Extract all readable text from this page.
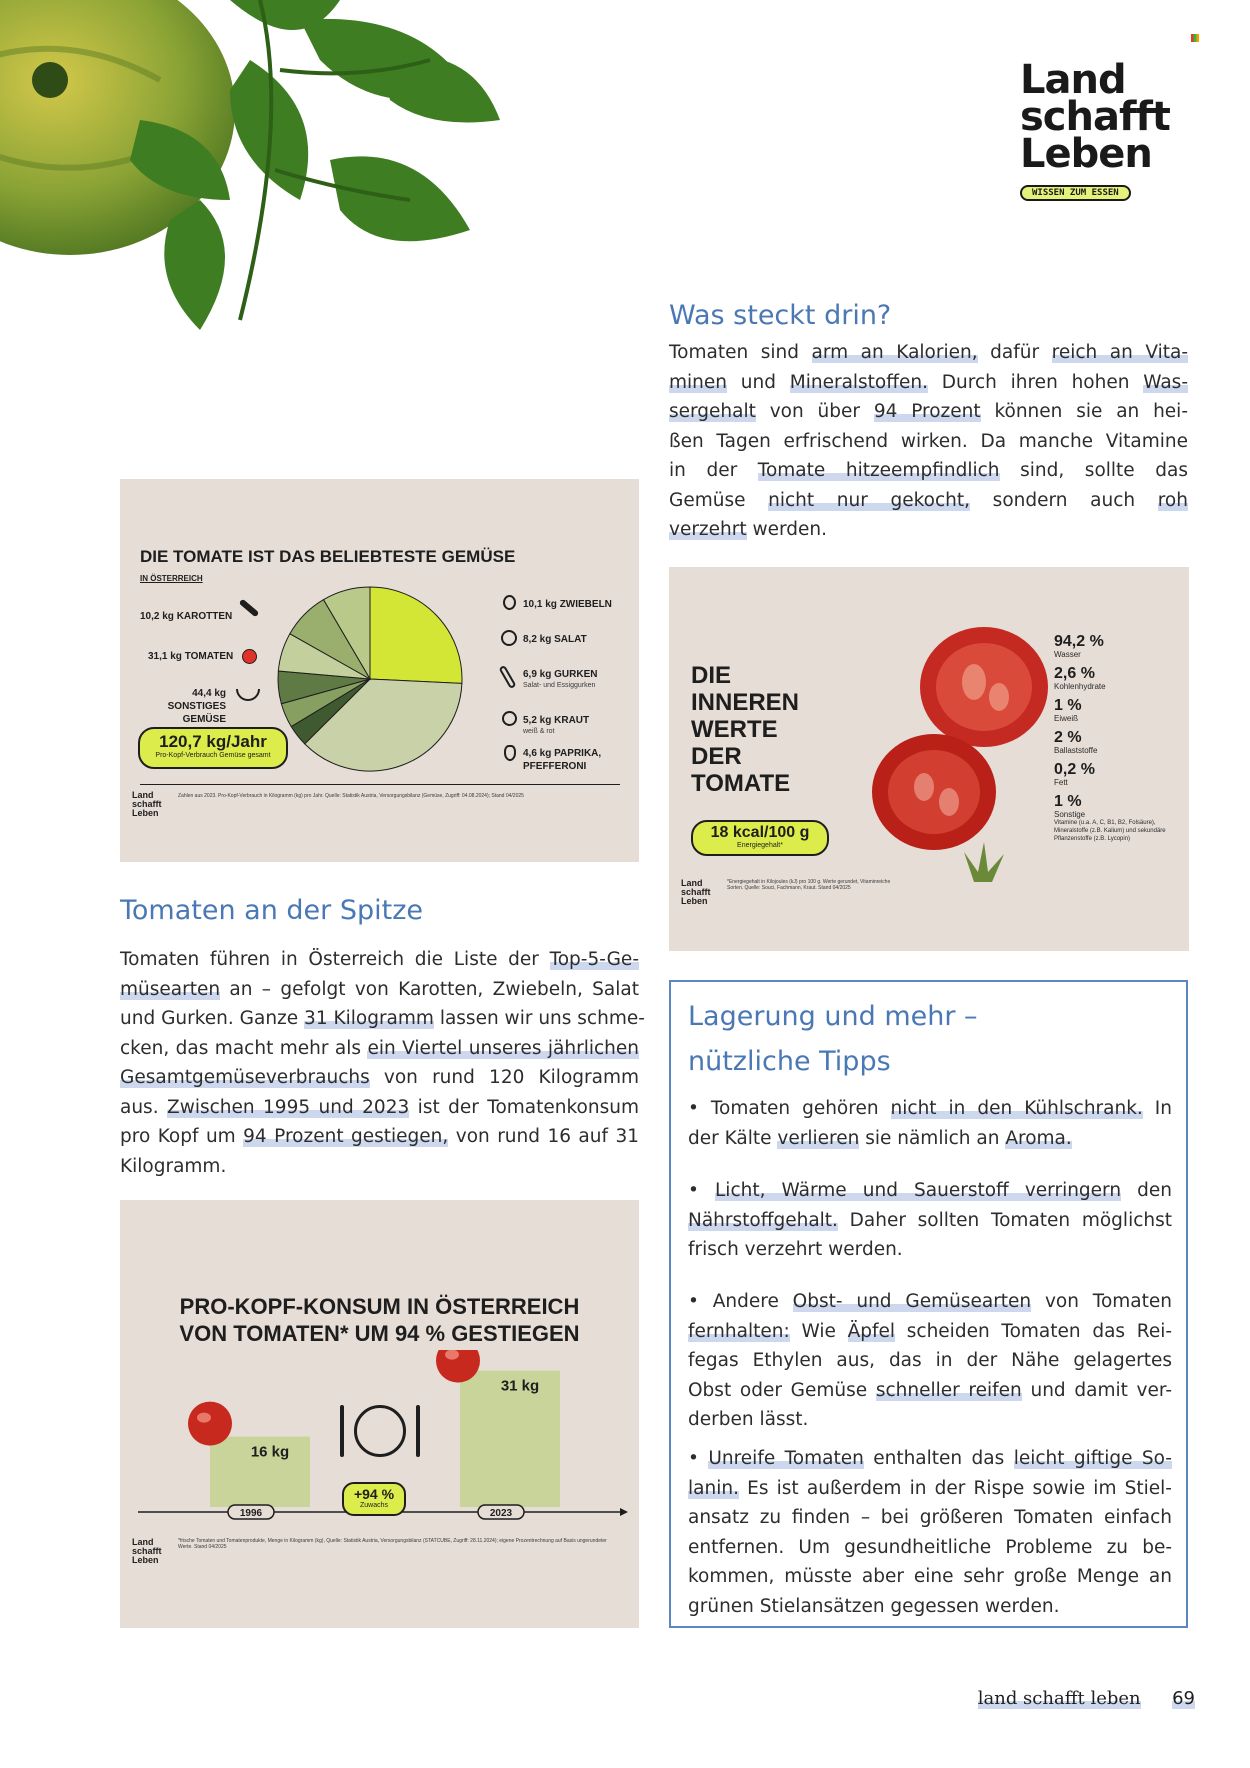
Land
schafft
Leben
WISSEN ZUM ESSEN
Was steckt drin?
Tomaten sind arm an Kalorien, dafür reich an Vita-
minen und Mineralstoffen. Durch ihren hohen Was-
sergehalt von über 94 Prozent können sie an hei-
ßen Tagen erfrischend wirken. Da manche Vitamine
in der Tomate hitzeempfindlich sind, sollte das
Gemüse nicht nur gekocht, sondern auch roh
verzehrt werden.
DIE TOMATE IST DAS BELIEBTESTE GEMÜSE
IN ÖSTERREICH
10,2 kg KAROTTEN
31,1 kg TOMATEN
44,4 kg SONSTIGES GEMÜSE
120,7 kg/Jahr
Pro-Kopf-Verbrauch Gemüse gesamt
10,1 kg ZWIEBELN
8,2 kg SALAT
6,9 kg GURKEN
Salat- und Essiggurken
5,2 kg KRAUT
weiß & rot
4,6 kg PAPRIKA, PFEFFERONI
Land
schafft
Leben
Zahlen aus 2023. Pro-Kopf-Verbrauch in Kilogramm (kg) pro Jahr. Quelle: Statistik Austria, Versorgungsbilanz (Gemüse, Zugriff: 04.08.2024); Stand 04/2025
DIE
INNEREN
WERTE
DER
TOMATE
18 kcal/100 g
Energiegehalt*
94,2 %
Wasser
2,6 %
Kohlenhydrate
1 %
Eiweiß
2 %
Ballaststoffe
0,2 %
Fett
1 %
Sonstige
Vitamine (u.a. A, C, B1, B2, Folsäure), Mineralstoffe (z.B. Kalium) und sekundäre Pflanzenstoffe (z.B. Lycopin)
Land
schafft
Leben
*Energiegehalt in Kilojoules (kJ) pro 100 g. Werte gerundet, Vitaminreiche Sorten. Quelle: Souci, Fachmann, Kraut. Stand 04/2025
Tomaten an der Spitze
Tomaten führen in Österreich die Liste der Top-5-Ge-
müsearten an – gefolgt von Karotten, Zwiebeln, Salat
und Gurken. Ganze 31 Kilogramm lassen wir uns schme-
cken, das macht mehr als ein Viertel unseres jährlichen
Gesamtgemüseverbrauchs von rund 120 Kilogramm
aus. Zwischen 1995 und 2023 ist der Tomatenkonsum
pro Kopf um 94 Prozent gestiegen, von rund 16 auf 31
Kilogramm.
PRO-KOPF-KONSUM IN ÖSTERREICH
VON TOMATEN* UM 94 % GESTIEGEN
16 kg
1996
31 kg
2023
+94 %
Zuwachs
Land
schafft
Leben
*frische Tomaten und Tomatenprodukte, Menge in Kilogramm (kg), Quelle: Statistik Austria, Versorgungsbilanz (STATCUBE, Zugriff: 28.11.2024); eigene Prozentrechnung auf Basis ungerundeter Werte. Stand 04/2025
Lagerung und mehr –
nützliche Tipps

• Tomaten gehören nicht in den Kühlschrank. In
der Kälte verlieren sie nämlich an Aroma.

• Licht, Wärme und Sauerstoff verringern den
Nährstoffgehalt. Daher sollten Tomaten möglichst
frisch verzehrt werden.

• Andere Obst- und Gemüsearten von Tomaten
fernhalten: Wie Äpfel scheiden Tomaten das Rei-
fegas Ethylen aus, das in der Nähe gelagertes
Obst oder Gemüse schneller reifen und damit ver-
derben lässt.

• Unreife Tomaten enthalten das leicht giftige So-
lanin. Es ist außerdem in der Rispe sowie im Stiel-
ansatz zu finden – bei größeren Tomaten einfach
entfernen. Um gesundheitliche Probleme zu be-
kommen, müsste aber eine sehr große Menge an
grünen Stielansätzen gegessen werden.

land schafft leben 69
